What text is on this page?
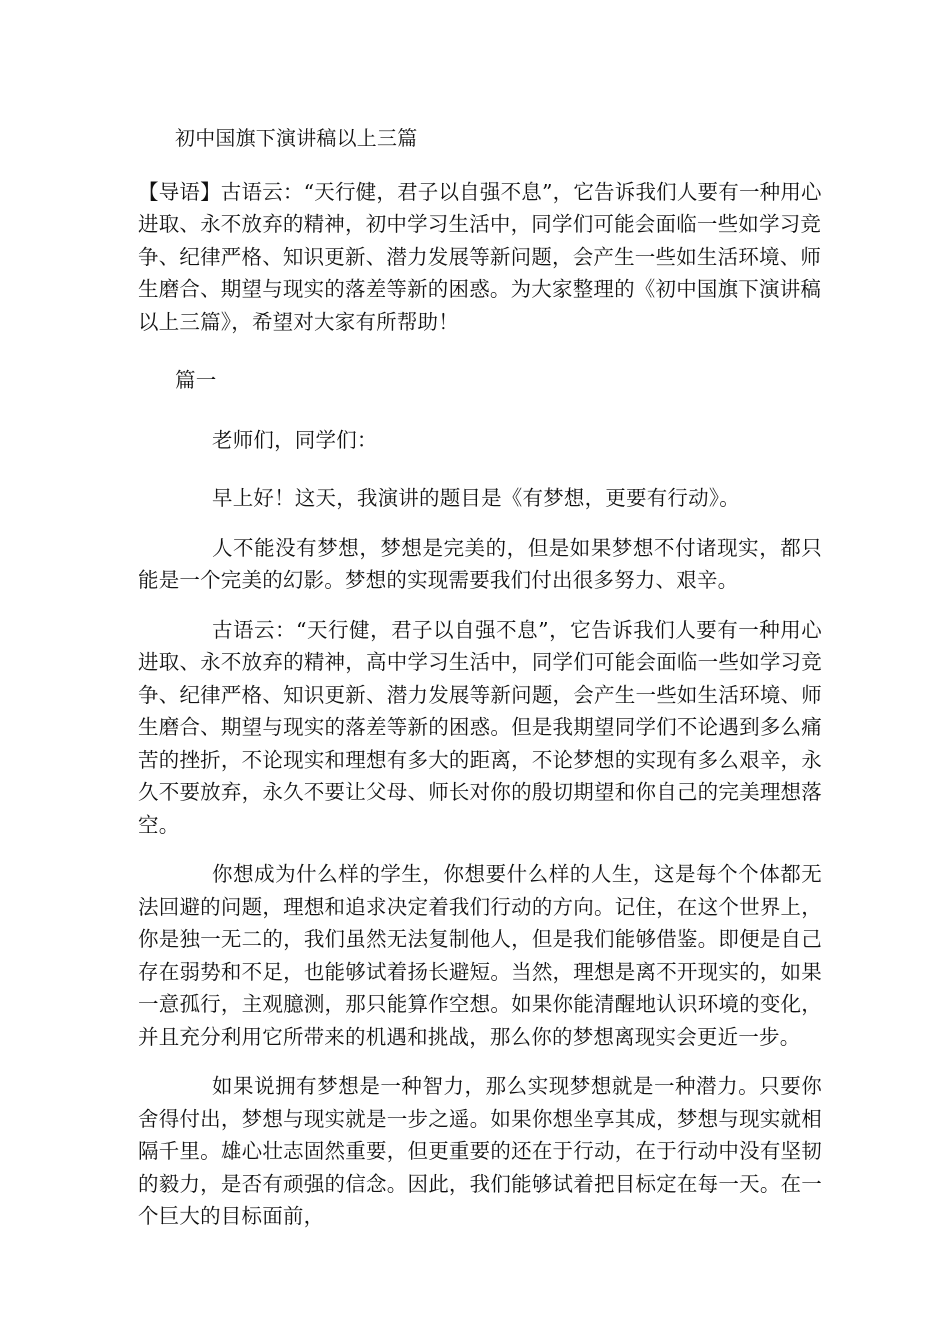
初中国旗下演讲稿以上三篇

【导语】古语云：“天行健，君子以自强不息”，它告诉我们人要有一种用心进取、永不放弃的精神，初中学习生活中，同学们可能会面临一些如学习竞争、纪律严格、知识更新、潜力发展等新问题，会产生一些如生活环境、师生磨合、期望与现实的落差等新的困惑。为大家整理的《初中国旗下演讲稿以上三篇》，希望对大家有所帮助！

篇一
老师们，同学们：

早上好！这天，我演讲的题目是《有梦想，更要有行动》。

人不能没有梦想，梦想是完美的，但是如果梦想不付诸现实，都只能是一个完美的幻影。梦想的实现需要我们付出很多努力、艰辛。

古语云：“天行健，君子以自强不息”，它告诉我们人要有一种用心进取、永不放弃的精神，高中学习生活中，同学们可能会面临一些如学习竞争、纪律严格、知识更新、潜力发展等新问题，会产生一些如生活环境、师生磨合、期望与现实的落差等新的困惑。但是我期望同学们不论遇到多么痛苦的挫折，不论现实和理想有多大的距离，不论梦想的实现有多么艰辛，永久不要放弃，永久不要让父母、师长对你的殷切期望和你自己的完美理想落空。

你想成为什么样的学生，你想要什么样的人生，这是每个个体都无法回避的问题，理想和追求决定着我们行动的方向。记住，在这个世界上，你是独一无二的，我们虽然无法复制他人，但是我们能够借鉴。即便是自己存在弱势和不足，也能够试着扬长避短。当然，理想是离不开现实的，如果一意孤行，主观臆测，那只能算作空想。如果你能清醒地认识环境的变化，并且充分利用它所带来的机遇和挑战，那么你的梦想离现实会更近一步。

如果说拥有梦想是一种智力，那么实现梦想就是一种潜力。只要你舍得付出，梦想与现实就是一步之遥。如果你想坐享其成，梦想与现实就相隔千里。雄心壮志固然重要，但更重要的还在于行动，在于行动中没有坚韧的毅力，是否有顽强的信念。因此，我们能够试着把目标定在每一天。在一个巨大的目标面前，
